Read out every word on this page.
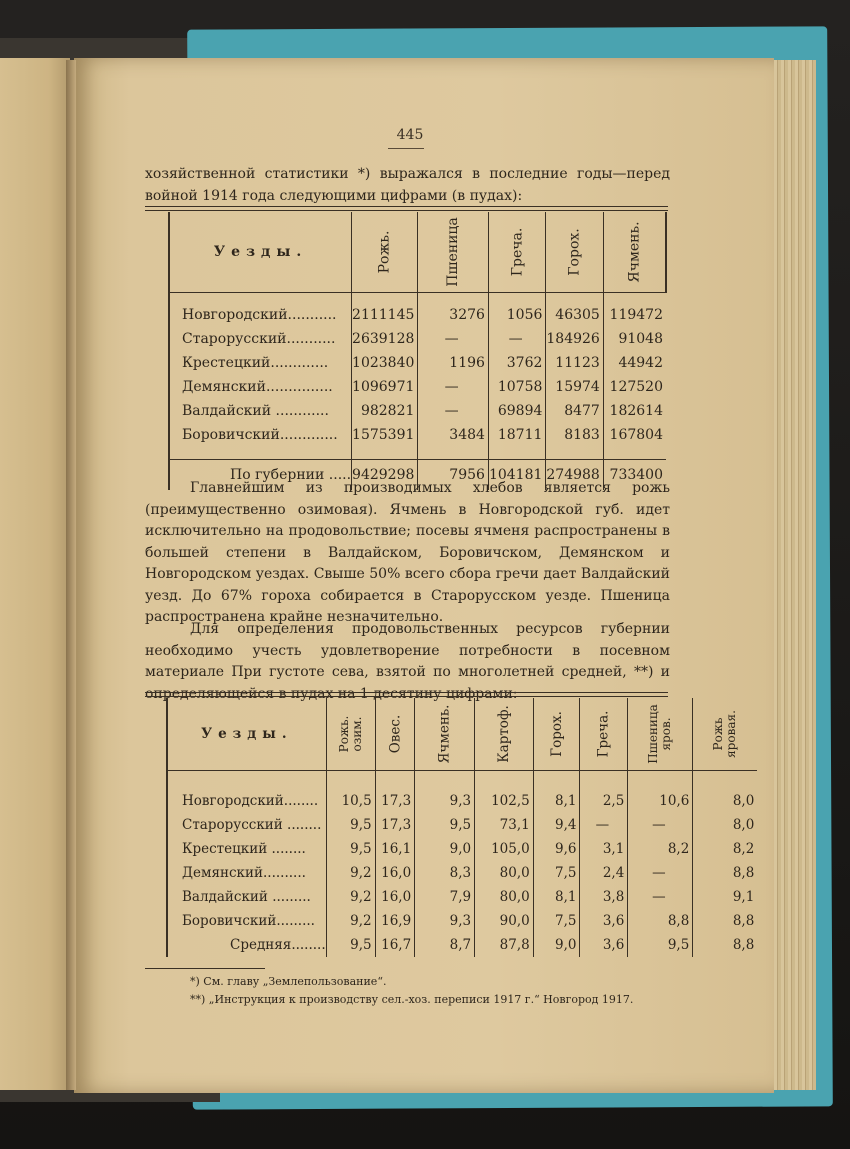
445
хозяйственной статистики *) выражался в последние годы—перед войной 1914 года следующими цифрами (в пудах):
Уезды.	Рожь.	Пшеница	Греча.	Горох.	Ячмень.

Новгородский...........	2111145	3276	1056	46305	119472
Старорусский...........	2639128	—	—	184926	91048
Крестецкий.............	1023840	1196	3762	11123	44942
Демянский...............	1096971	—	10758	15974	127520
Валдайский ............	982821	—	69894	8477	182614
Боровичский.............	1575391	3484	18711	8183	167804

По губернии .....	9429298	7956	104181	274988	733400
Главнейшим из производимых хлебов является рожь (преимущественно озимовая). Ячмень в Новгородской губ. идет исключительно на продовольствие; посевы ячменя распространены в большей степени в Валдайском, Боровичском, Демянском и Новгородском уездах. Свыше 50% всего сбора гречи дает Валдайский уезд. До 67% гороха собирается в Старорусском уезде. Пшеница распространена крайне незначительно.
Для определения продовольственных ресурсов губернии необходимо учесть удовлетворение потребности в посевном материале При густоте сева, взятой по многолетней средней, **) и определяющейся в пудах на 1 десятину цифрами:
Уезды.	Рожь. озим.	Овес.	Ячмень.	Картоф.	Горох.	Греча.	Пшеница яров.	Рожь яровая.

Новгородский........	10,5	17,3	9,3	102,5	8,1	2,5	10,6	8,0
Старорусский ........	9,5	17,3	9,5	73,1	9,4	—	—	8,0
Крестецкий ........	9,5	16,1	9,0	105,0	9,6	3,1	8,2	8,2
Демянский..........	9,2	16,0	8,3	80,0	7,5	2,4	—	8,8
Валдайский .........	9,2	16,0	7,9	80,0	8,1	3,8	—	9,1
Боровичский.........	9,2	16,9	9,3	90,0	7,5	3,6	8,8	8,8
Средняя........	9,5	16,7	8,7	87,8	9,0	3,6	9,5	8,8
*) См. главу „Землепользование“.
**) „Инструкция к производству сел.-хоз. переписи 1917 г.“ Новгород 1917.
